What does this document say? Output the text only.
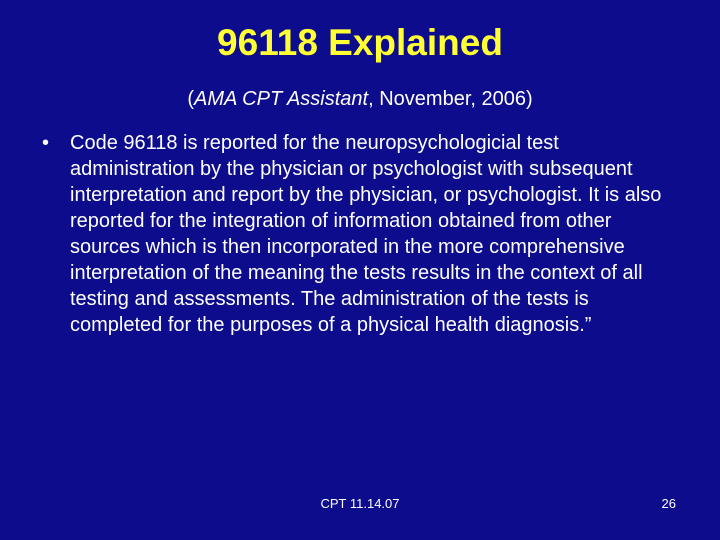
96118 Explained
(AMA CPT Assistant, November, 2006)
• Code 96118 is reported for the neuropsychologicial test administration by the physician or psychologist with subsequent interpretation and report by the physician, or psychologist. It is also reported for the integration of information obtained from other sources which is then incorporated in the more comprehensive interpretation of the meaning the tests results in the context of all testing and assessments. The administration of the tests is completed for the purposes of a physical health diagnosis.”
CPT 11.14.07	26
